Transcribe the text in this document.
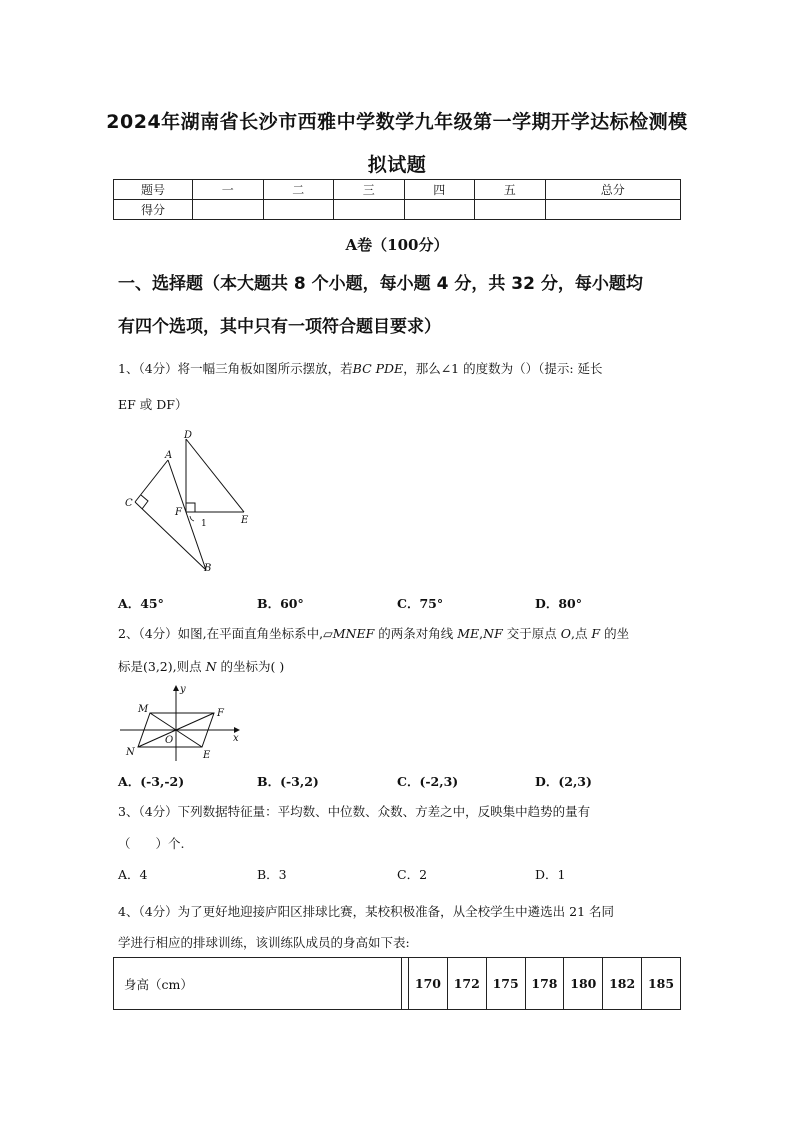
2024年湖南省长沙市西雅中学数学九年级第一学期开学达标检测模
拟试题
题号	一	二	三	四	五	总分
得分						
A卷（100分）
一、选择题（本大题共 8 个小题，每小题 4 分，共 32 分，每小题均
有四个选项，其中只有一项符合题目要求）
1、（4分）将一幅三角板如图所示摆放，若BC PDE，那么∠1 的度数为（）（提示: 延长
EF 或 DF）
A
B
C
D
E
F
1
A．45°	B．60°	C．75°	D．80°
2、（4分）如图,在平面直角坐标系中,▱MNEF 的两条对角线 ME,NF 交于原点 O,点 F 的坐
标是(3,2),则点 N 的坐标为( )
M	F
N	E
O	x
y
A．(-3,-2)	B．(-3,2)	C．(-2,3)	D．(2,3)
3、（4分）下列数据特征量：平均数、中位数、众数、方差之中，反映集中趋势的量有
（　　）个.
A．4	B．3	C．2	D．1
4、（4分）为了更好地迎接庐阳区排球比赛，某校积极准备，从全校学生中遴选出 21 名同
学进行相应的排球训练，该训练队成员的身高如下表:
身高（cm）		170	172	175	178	180	182	185
